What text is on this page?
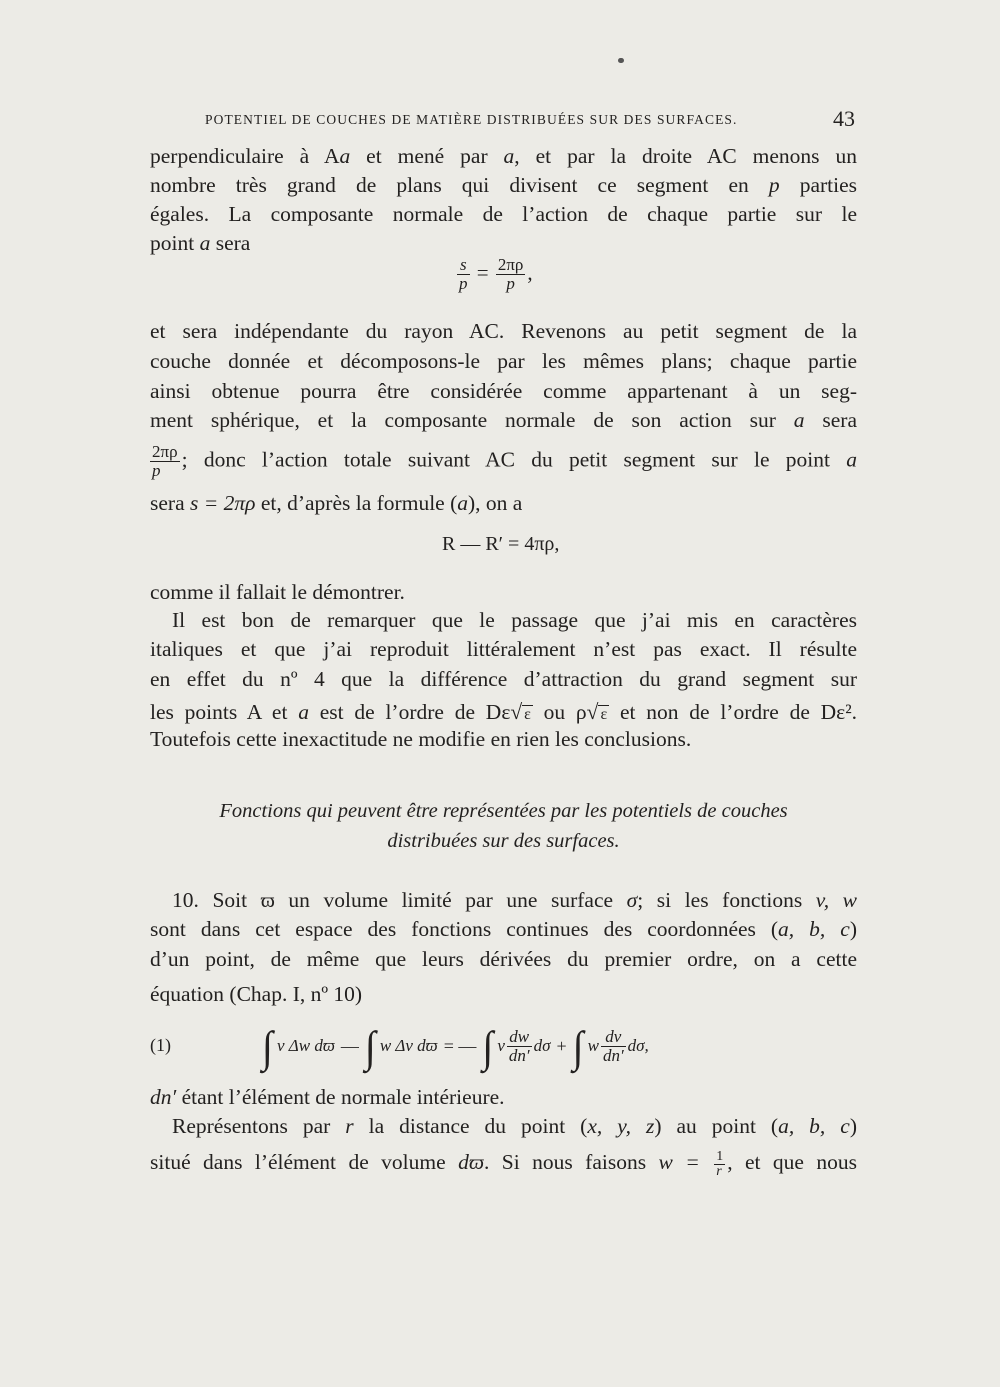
POTENTIEL DE COUCHES DE MATIÈRE DISTRIBUÉES SUR DES SURFACES.	43
perpendiculaire à Aa et mené par a, et par la droite AC menons un
nombre très grand de plans qui divisent ce segment en p parties
égales. La composante normale de l’action de chaque partie sur le
point a sera
$\frac{s}{p} = \frac{2\pi\rho}{p}$ ,
et sera indépendante du rayon AC. Revenons au petit segment de la
couche donnée et décomposons-le par les mêmes plans; chaque partie
ainsi obtenue pourra être considérée comme appartenant à un seg-
ment sphérique, et la composante normale de son action sur a sera
$\frac{2\pi\rho}{p}$ ; donc l’action totale suivant AC du petit segment sur le point a
sera s = 2πρ et, d’après la formule (a), on a
R — R′ = 4πρ,
comme il fallait le démontrer.
Il est bon de remarquer que le passage que j’ai mis en caractères
italiques et que j’ai reproduit littéralement n’est pas exact. Il résulte
en effet du nº 4 que la différence d’attraction du grand segment sur
les points A et a est de l’ordre de Dε√ ε ou ρ√ ε et non de l’ordre de Dε².
Toutefois cette inexactitude ne modifie en rien les conclusions.
Fonctions qui peuvent être représentées par les potentiels de couches
distribuées sur des surfaces.
10. Soit ϖ un volume limité par une surface σ; si les fonctions v, w
sont dans cet espace des fonctions continues des coordonnées (a, b, c)
d’un point, de même que leurs dérivées du premier ordre, on a cette
équation (Chap. I, nº 10)
(1) ∫ v Δw dϖ — ∫ w Δv dϖ = — ∫ v $\frac{dw}{dn'}$ dσ + ∫ w $\frac{dv}{dn'} d\sigma$,
dn′ étant l’élément de normale intérieure.
Représentons par r la distance du point (x, y, z) au point (a, b, c)
situé dans l’élément de volume dϖ. Si nous faisons $w = \frac{1}{r}$ , et que nous
